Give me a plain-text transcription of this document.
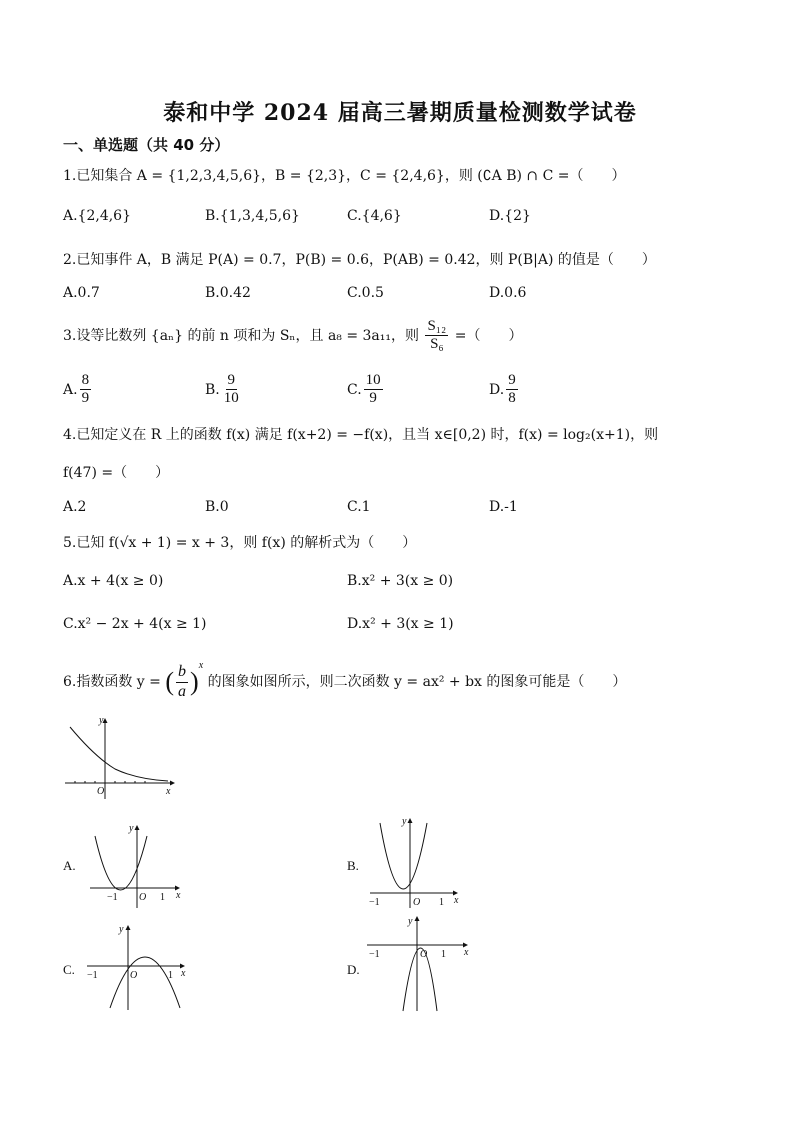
泰和中学 2024 届高三暑期质量检测数学试卷
一、单选题（共 40 分）
1.已知集合 A = {1,2,3,4,5,6}，B = {2,3}，C = {2,4,6}，则 (∁A B) ∩ C =（　　）
A.{2,4,6}	B.{1,3,4,5,6}	C.{4,6}	D.{2}
2.已知事件 A，B 满足 P(A) = 0.7，P(B) = 0.6，P(AB) = 0.42，则 P(B|A) 的值是（　　）
A.0.7	B.0.42	C.0.5	D.0.6
3.设等比数列 {aₙ} 的前 n 项和为 Sₙ，且 a₈ = 3a₁₁，则 $\frac{\text{S₁₂}}{\text{S₆}}$ =（　　）
A. $\frac{8}{9}$	B. $\frac{9}{10}$	C. $\frac{10}{9}$	D. $\frac{9}{8}$
4.已知定义在 R 上的函数 f(x) 满足 f(x+2) = −f(x)，且当 x∈[0,2) 时，f(x) = log₂(x+1)，则
f(47) =（　　）
A.2	B.0	C.1	D.-1
5.已知 f(√x + 1) = x + 3，则 f(x) 的解析式为（　　）
A.x + 4(x ≥ 0)	B.x² + 3(x ≥ 0)
C.x² − 2x + 4(x ≥ 1)	D.x² + 3(x ≥ 1)
6.指数函数 y = ( $\frac{b}{a} )^x$ 的图象如图所示，则二次函数 y = ax² + bx 的图象可能是（　　）
y
O	x
A.
y
−1 O 1 x
B.
y
−1	O 1 x
C.
y
−1	O	1 x	D.
y
−1	O 1 x
